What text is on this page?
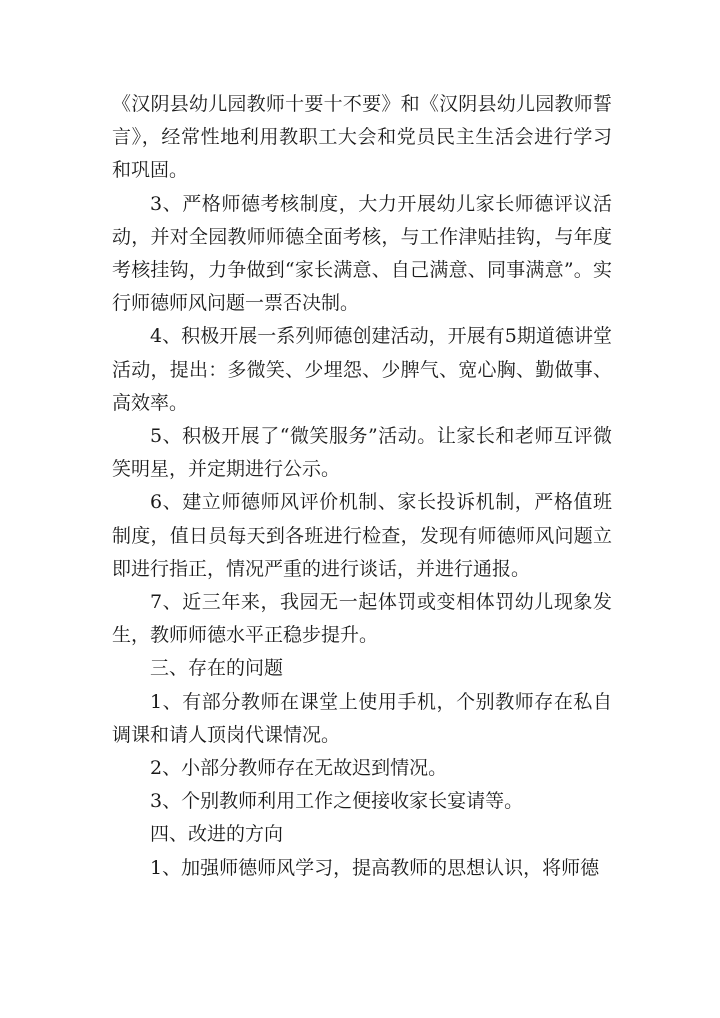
《汉阴县幼儿园教师十要十不要》和《汉阴县幼儿园教师誓言》，经常性地利用教职工大会和党员民主生活会进行学习和巩固。

3、严格师德考核制度，大力开展幼儿家长师德评议活动，并对全园教师师德全面考核，与工作津贴挂钩，与年度考核挂钩，力争做到“家长满意、自己满意、同事满意”。实行师德师风问题一票否决制。

4、积极开展一系列师德创建活动，开展有5期道德讲堂活动，提出：多微笑、少埋怨、少脾气、宽心胸、勤做事、高效率。

5、积极开展了“微笑服务”活动。让家长和老师互评微笑明星，并定期进行公示。

6、建立师德师风评价机制、家长投诉机制，严格值班制度，值日员每天到各班进行检查，发现有师德师风问题立即进行指正，情况严重的进行谈话，并进行通报。

7、近三年来，我园无一起体罚或变相体罚幼儿现象发生，教师师德水平正稳步提升。

三、存在的问题

1、有部分教师在课堂上使用手机，个别教师存在私自调课和请人顶岗代课情况。

2、小部分教师存在无故迟到情况。

3、个别教师利用工作之便接收家长宴请等。

四、改进的方向

1、加强师德师风学习，提高教师的思想认识，将师德
